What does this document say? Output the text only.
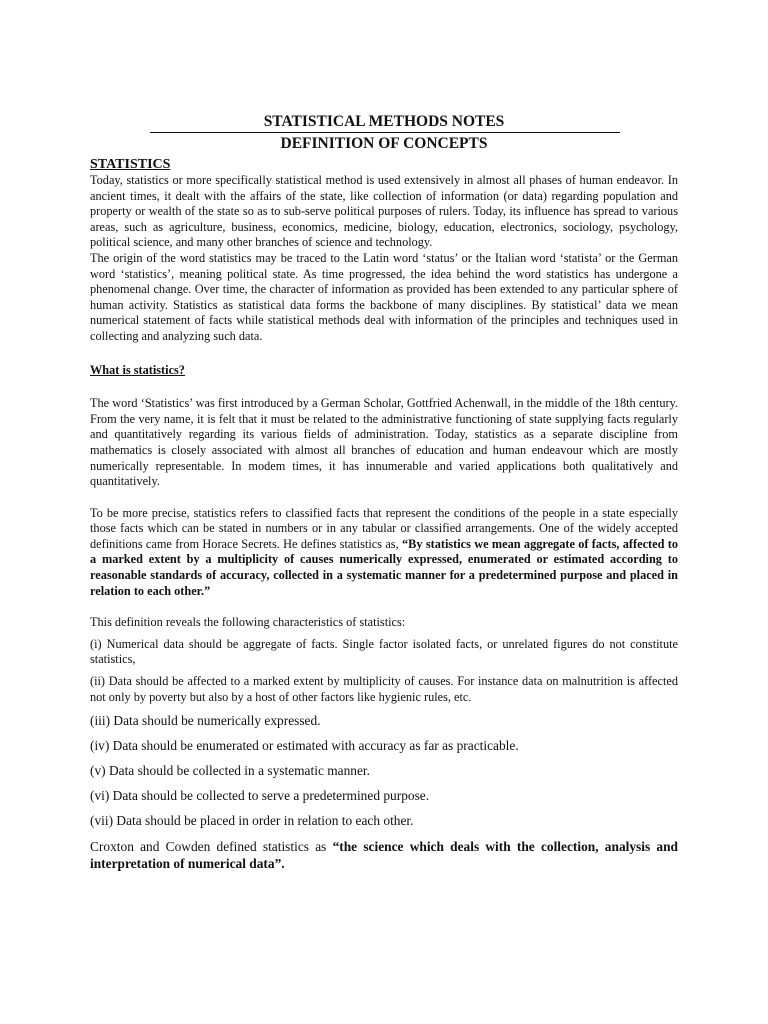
STATISTICAL METHODS NOTES
DEFINITION OF CONCEPTS
STATISTICS

Today, statistics or more specifically statistical method is used extensively in almost all phases of human endeavor. In ancient times, it dealt with the affairs of the state, like collection of information (or data) regarding population and property or wealth of the state so as to sub-serve political purposes of rulers. Today, its influence has spread to various areas, such as agriculture, business, economics, medicine, biology, education, electronics, sociology, psychology, political science, and many other branches of science and technology.

The origin of the word statistics may be traced to the Latin word ‘status’ or the Italian word ‘statista’ or the German word ‘statistics’, meaning political state. As time progressed, the idea behind the word statistics has undergone a phenomenal change. Over time, the character of information as provided has been extended to any particular sphere of human activity. Statistics as statistical data forms the backbone of many disciplines. By statistical’ data we mean numerical statement of facts while statistical methods deal with information of the principles and techniques used in collecting and analyzing such data.

What is statistics?

The word ‘Statistics’ was first introduced by a German Scholar, Gottfried Achenwall, in the middle of the 18th century. From the very name, it is felt that it must be related to the administrative functioning of state supplying facts regularly and quantitatively regarding its various fields of administration. Today, statistics as a separate discipline from mathematics is closely associated with almost all branches of education and human endeavour which are mostly numerically representable. In modem times, it has innumerable and varied applications both qualitatively and quantitatively.

To be more precise, statistics refers to classified facts that represent the conditions of the people in a state especially those facts which can be stated in numbers or in any tabular or classified arrangements. One of the widely accepted definitions came from Horace Secrets. He defines statistics as, “By statistics we mean aggregate of facts, affected to a marked extent by a multiplicity of causes numerically expressed, enumerated or estimated according to reasonable standards of accuracy, collected in a systematic manner for a predetermined purpose and placed in relation to each other.”

This definition reveals the following characteristics of statistics:

(i) Numerical data should be aggregate of facts. Single factor isolated facts, or unrelated figures do not constitute statistics,

(ii) Data should be affected to a marked extent by multiplicity of causes. For instance data on malnutrition is affected not only by poverty but also by a host of other factors like hygienic rules, etc.

(iii) Data should be numerically expressed.

(iv) Data should be enumerated or estimated with accuracy as far as practicable.

(v) Data should be collected in a systematic manner.

(vi) Data should be collected to serve a predetermined purpose.

(vii) Data should be placed in order in relation to each other.

Croxton and Cowden defined statistics as “the science which deals with the collection, analysis and interpretation of numerical data”.
